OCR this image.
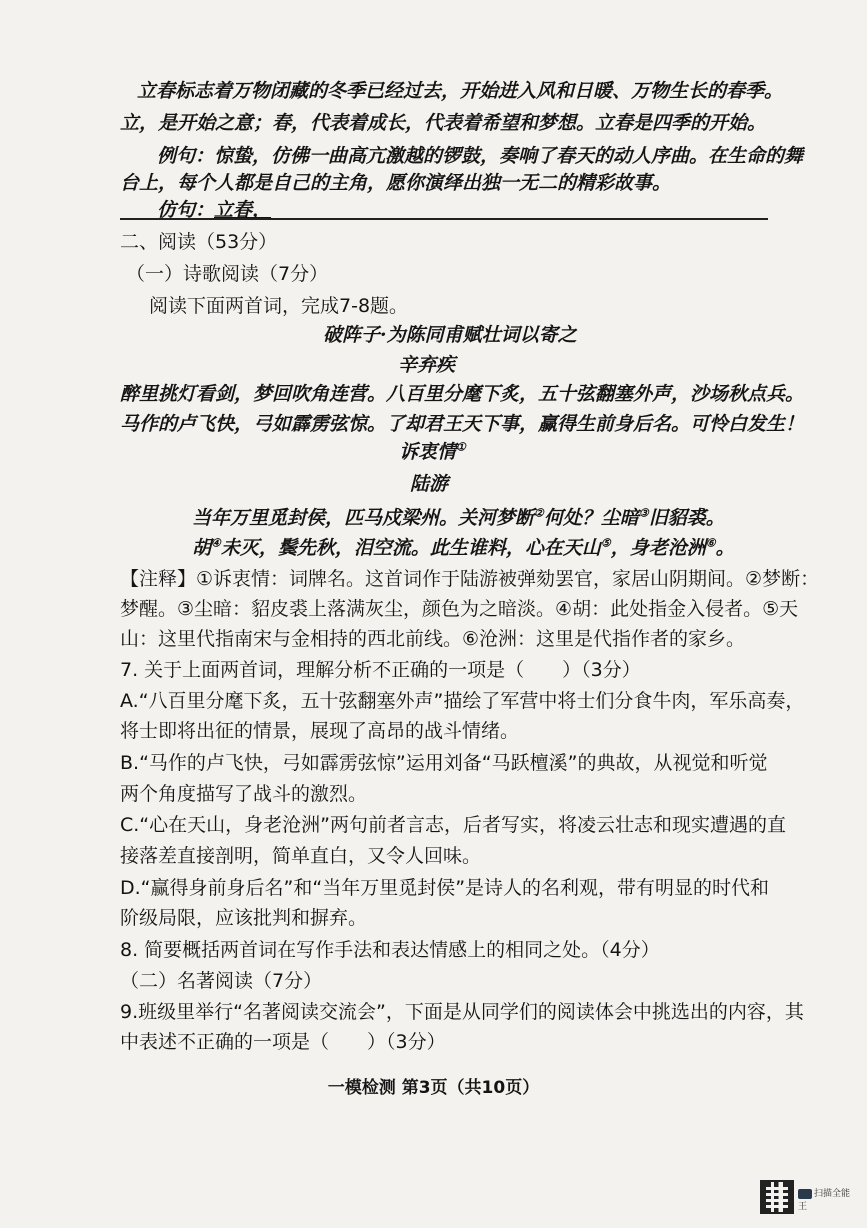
立春标志着万物闭藏的冬季已经过去，开始进入风和日暖、万物生长的春季。
立，是开始之意；春，代表着成长，代表着希望和梦想。立春是四季的开始。
例句：惊蛰，仿佛一曲高亢激越的锣鼓，奏响了春天的动人序曲。在生命的舞
台上，每个人都是自己的主角，愿你演绎出独一无二的精彩故事。
仿句：立春，
二、阅读（53分）
（一）诗歌阅读（7分）
阅读下面两首词，完成7-8题。
破阵子·为陈同甫赋壮词以寄之
辛弃疾
醉里挑灯看剑，梦回吹角连营。八百里分麾下炙，五十弦翻塞外声，沙场秋点兵。
马作的卢飞快，弓如霹雳弦惊。了却君王天下事，赢得生前身后名。可怜白发生！
诉衷情①
陆游
当年万里觅封侯，匹马戍梁州。关河梦断②何处？尘暗③旧貂裘。
胡④未灭，鬓先秋，泪空流。此生谁料，心在天山⑤，身老沧洲⑥。
【注释】①诉衷情：词牌名。这首词作于陆游被弹劾罢官，家居山阴期间。②梦断：
梦醒。③尘暗：貂皮裘上落满灰尘，颜色为之暗淡。④胡：此处指金入侵者。⑤天
山：这里代指南宋与金相持的西北前线。⑥沧洲：这里是代指作者的家乡。
7. 关于上面两首词，理解分析不正确的一项是（　　）（3分）
A.“八百里分麾下炙，五十弦翻塞外声”描绘了军营中将士们分食牛肉，军乐高奏，
将士即将出征的情景，展现了高昂的战斗情绪。
B.“马作的卢飞快，弓如霹雳弦惊”运用刘备“马跃檀溪”的典故，从视觉和听觉
两个角度描写了战斗的激烈。
C.“心在天山，身老沧洲”两句前者言志，后者写实，将凌云壮志和现实遭遇的直
接落差直接剖明，简单直白，又令人回味。
D.“赢得身前身后名”和“当年万里觅封侯”是诗人的名利观，带有明显的时代和
阶级局限，应该批判和摒弃。
8. 简要概括两首词在写作手法和表达情感上的相同之处。（4分）
（二）名著阅读（7分）
9.班级里举行“名著阅读交流会”，下面是从同学们的阅读体会中挑选出的内容，其
中表述不正确的一项是（　　）（3分）
一模检测 第3页（共10页）
扫描全能王
